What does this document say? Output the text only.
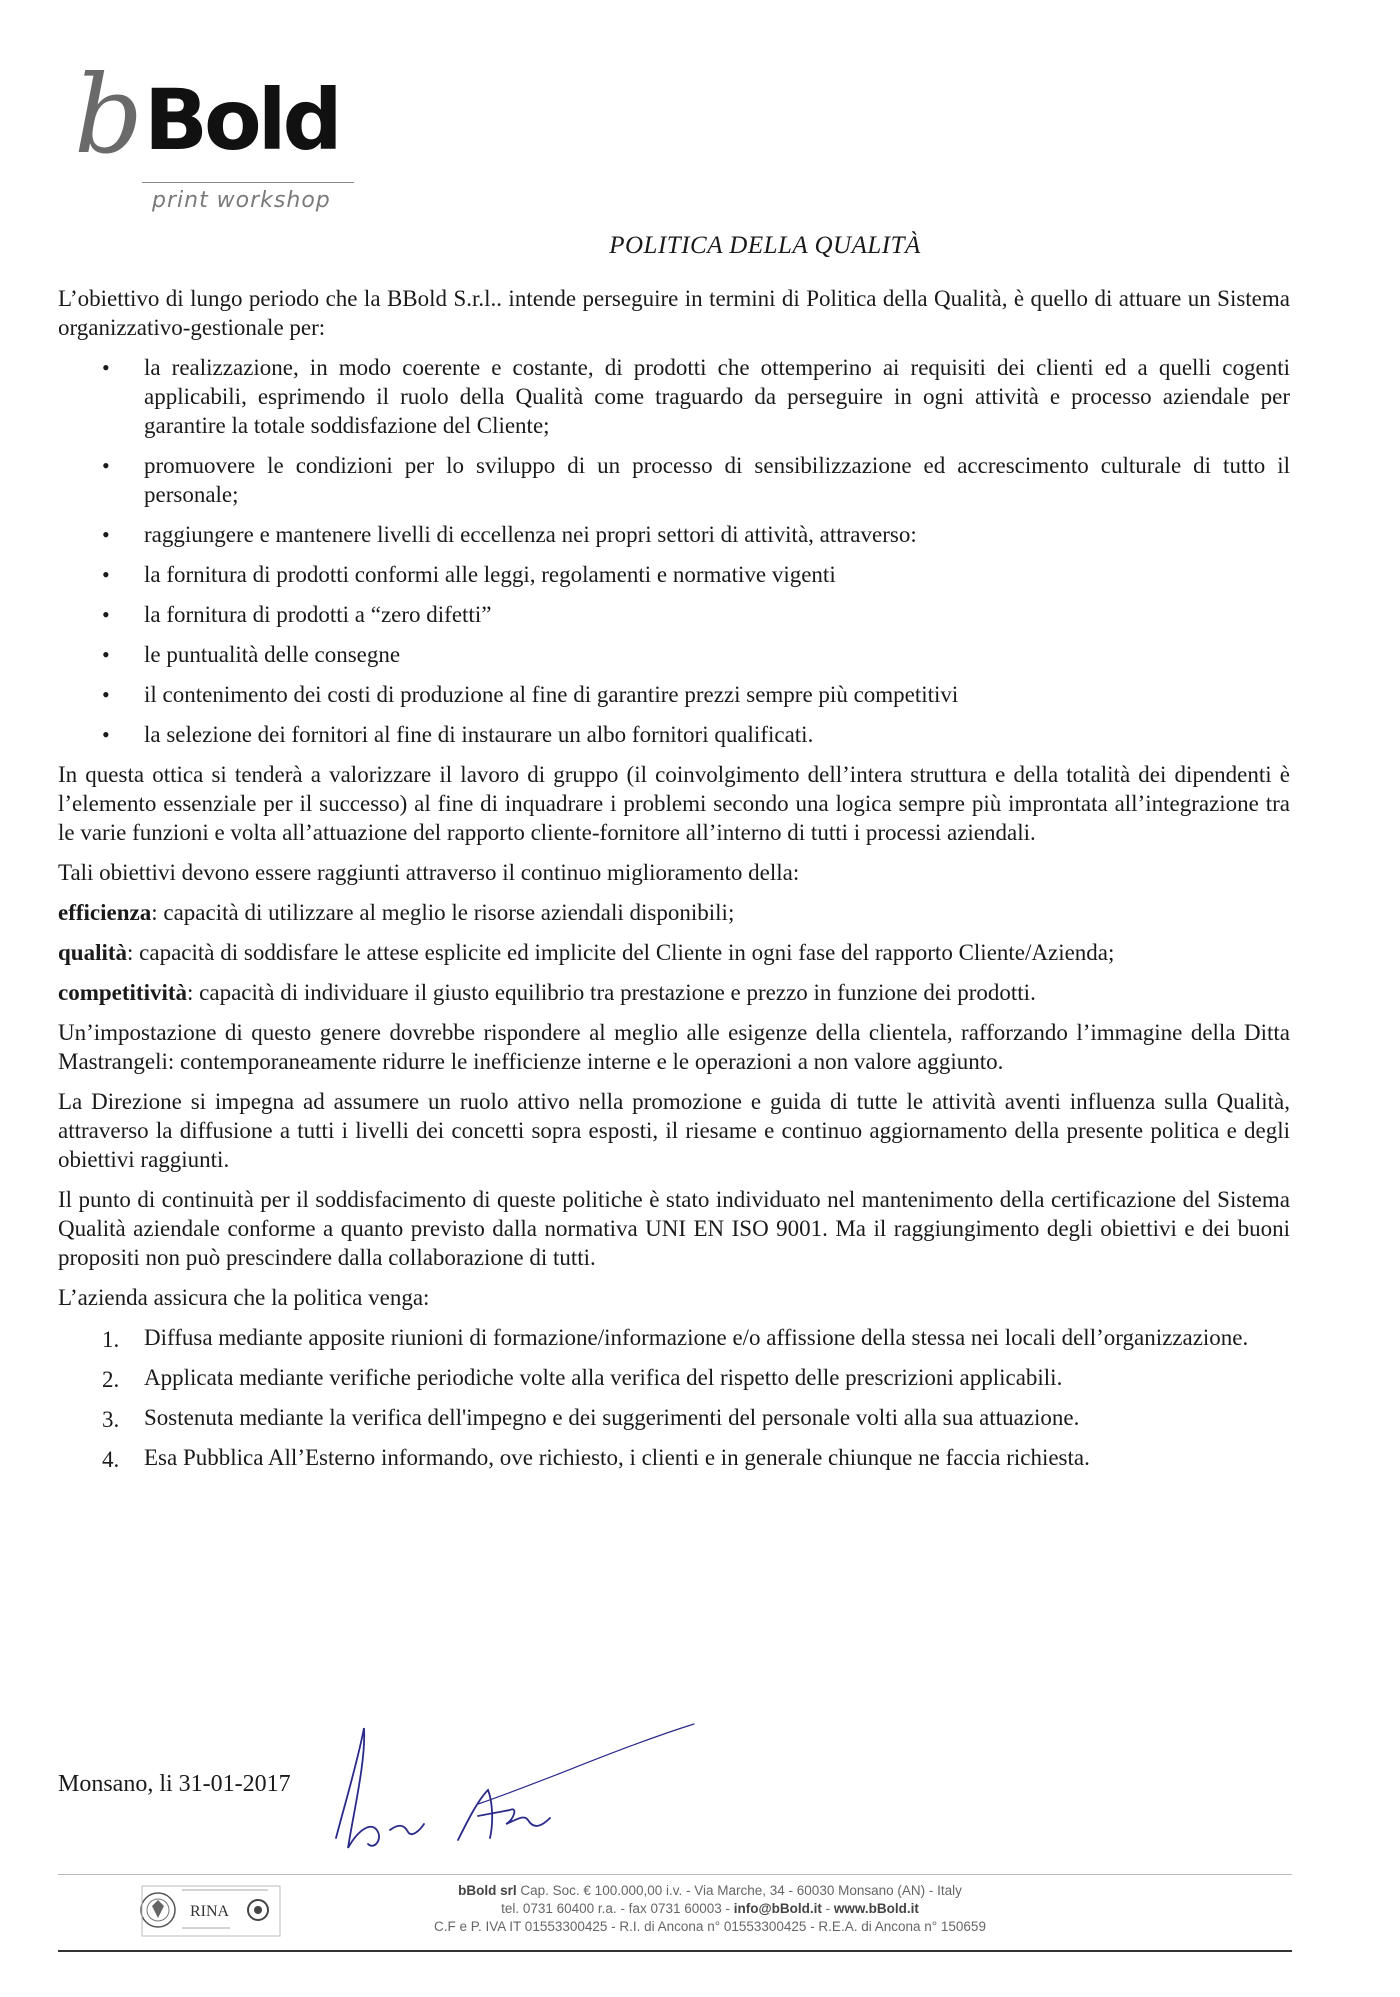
b Bold
print workshop
POLITICA DELLA QUALITÀ

L’obiettivo di lungo periodo che la BBold S.r.l.. intende perseguire in termini di Politica della Qualità, è quello di attuare un Sistema organizzativo-gestionale per:

• la realizzazione, in modo coerente e costante, di prodotti che ottemperino ai requisiti dei clienti ed a quelli cogenti applicabili, esprimendo il ruolo della Qualità come traguardo da perseguire in ogni attività e processo aziendale per garantire la totale soddisfazione del Cliente;
• promuovere le condizioni per lo sviluppo di un processo di sensibilizzazione ed accrescimento culturale di tutto il personale;
• raggiungere e mantenere livelli di eccellenza nei propri settori di attività, attraverso:
• la fornitura di prodotti conformi alle leggi, regolamenti e normative vigenti
• la fornitura di prodotti a “zero difetti”
• le puntualità delle consegne
• il contenimento dei costi di produzione al fine di garantire prezzi sempre più competitivi
• la selezione dei fornitori al fine di instaurare un albo fornitori qualificati.

In questa ottica si tenderà a valorizzare il lavoro di gruppo (il coinvolgimento dell’intera struttura e della totalità dei dipendenti è l’elemento essenziale per il successo) al fine di inquadrare i problemi secondo una logica sempre più improntata all’integrazione tra le varie funzioni e volta all’attuazione del rapporto cliente-fornitore all’interno di tutti i processi aziendali.

Tali obiettivi devono essere raggiunti attraverso il continuo miglioramento della:

efficienza: capacità di utilizzare al meglio le risorse aziendali disponibili;
qualità: capacità di soddisfare le attese esplicite ed implicite del Cliente in ogni fase del rapporto Cliente/Azienda;
competitività: capacità di individuare il giusto equilibrio tra prestazione e prezzo in funzione dei prodotti.

Un’impostazione di questo genere dovrebbe rispondere al meglio alle esigenze della clientela, rafforzando l’immagine della Ditta Mastrangeli: contemporaneamente ridurre le inefficienze interne e le operazioni a non valore aggiunto.

La Direzione si impegna ad assumere un ruolo attivo nella promozione e guida di tutte le attività aventi influenza sulla Qualità, attraverso la diffusione a tutti i livelli dei concetti sopra esposti, il riesame e continuo aggiornamento della presente politica e degli obiettivi raggiunti.

Il punto di continuità per il soddisfacimento di queste politiche è stato individuato nel mantenimento della certificazione del Sistema Qualità aziendale conforme a quanto previsto dalla normativa UNI EN ISO 9001. Ma il raggiungimento degli obiettivi e dei buoni propositi non può prescindere dalla collaborazione di tutti.

L’azienda assicura che la politica venga:

1. Diffusa mediante apposite riunioni di formazione/informazione e/o affissione della stessa nei locali dell’organizzazione.
2. Applicata mediante verifiche periodiche volte alla verifica del rispetto delle prescrizioni applicabili.
3. Sostenuta mediante la verifica dell'impegno e dei suggerimenti del personale volti alla sua attuazione.
4. Esa Pubblica All’Esterno informando, ove richiesto, i clienti e in generale chiunque ne faccia richiesta.
Monsano, li 31-01-2017
RINA
bBold srl Cap. Soc. € 100.000,00 i.v. - Via Marche, 34 - 60030 Monsano (AN) - Italy
tel. 0731 60400 r.a. - fax 0731 60003 - info@bBold.it - www.bBold.it
C.F e P. IVA IT 01553300425 - R.I. di Ancona n° 01553300425 - R.E.A. di Ancona n° 150659
